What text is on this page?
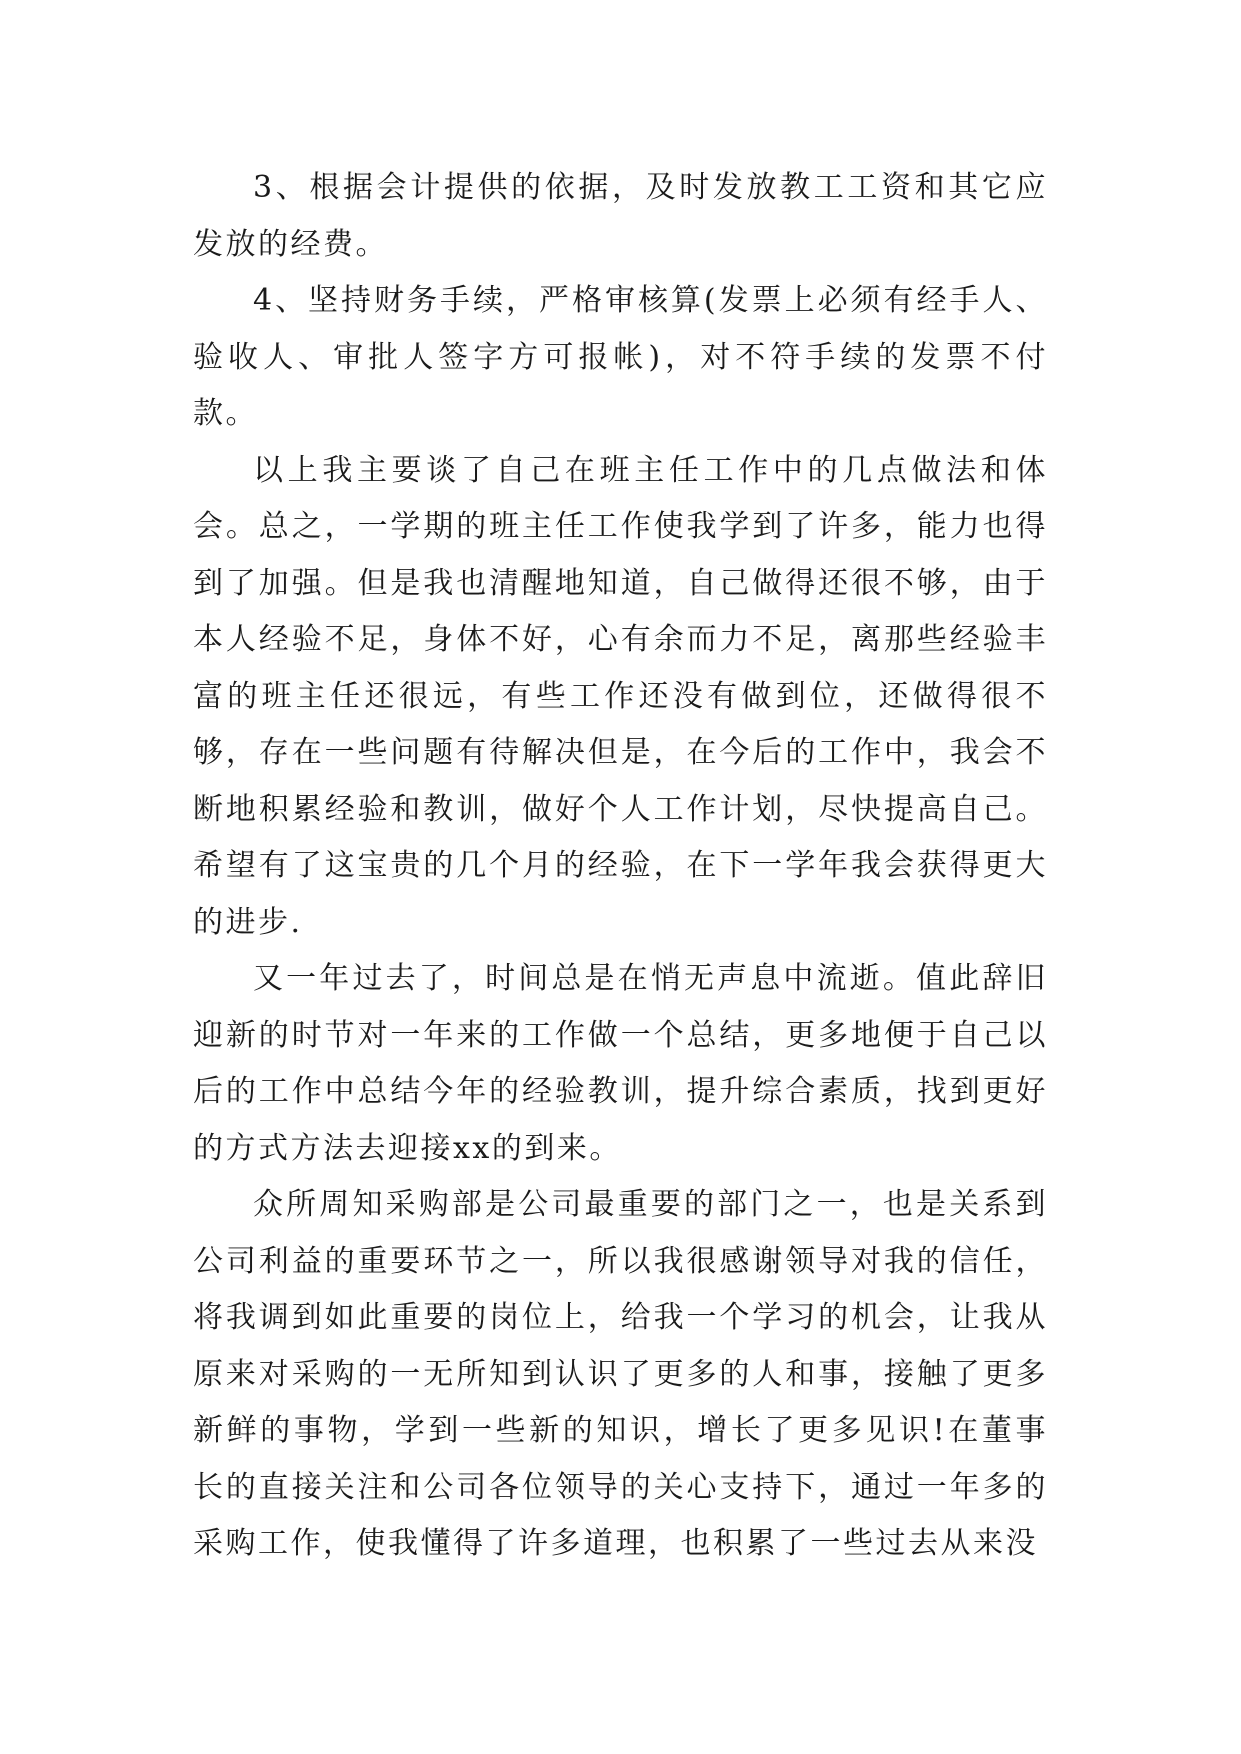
3、根据会计提供的依据，及时发放教工工资和其它应发放的经费。

4、坚持财务手续，严格审核算(发票上必须有经手人、验收人、审批人签字方可报帐)，对不符手续的发票不付款。

以上我主要谈了自己在班主任工作中的几点做法和体会。总之，一学期的班主任工作使我学到了许多，能力也得到了加强。但是我也清醒地知道，自己做得还很不够，由于本人经验不足，身体不好，心有余而力不足，离那些经验丰富的班主任还很远，有些工作还没有做到位，还做得很不够，存在一些问题有待解决但是，在今后的工作中，我会不断地积累经验和教训，做好个人工作计划，尽快提高自己。希望有了这宝贵的几个月的经验，在下一学年我会获得更大的进步.

又一年过去了，时间总是在悄无声息中流逝。值此辞旧迎新的时节对一年来的工作做一个总结，更多地便于自己以后的工作中总结今年的经验教训，提升综合素质，找到更好的方式方法去迎接xx的到来。

众所周知采购部是公司最重要的部门之一，也是关系到公司利益的重要环节之一，所以我很感谢领导对我的信任，将我调到如此重要的岗位上，给我一个学习的机会，让我从原来对采购的一无所知到认识了更多的人和事，接触了更多新鲜的事物，学到一些新的知识，增长了更多见识!在董事长的直接关注和公司各位领导的关心支持下，通过一年多的采购工作，使我懂得了许多道理，也积累了一些过去从来没
